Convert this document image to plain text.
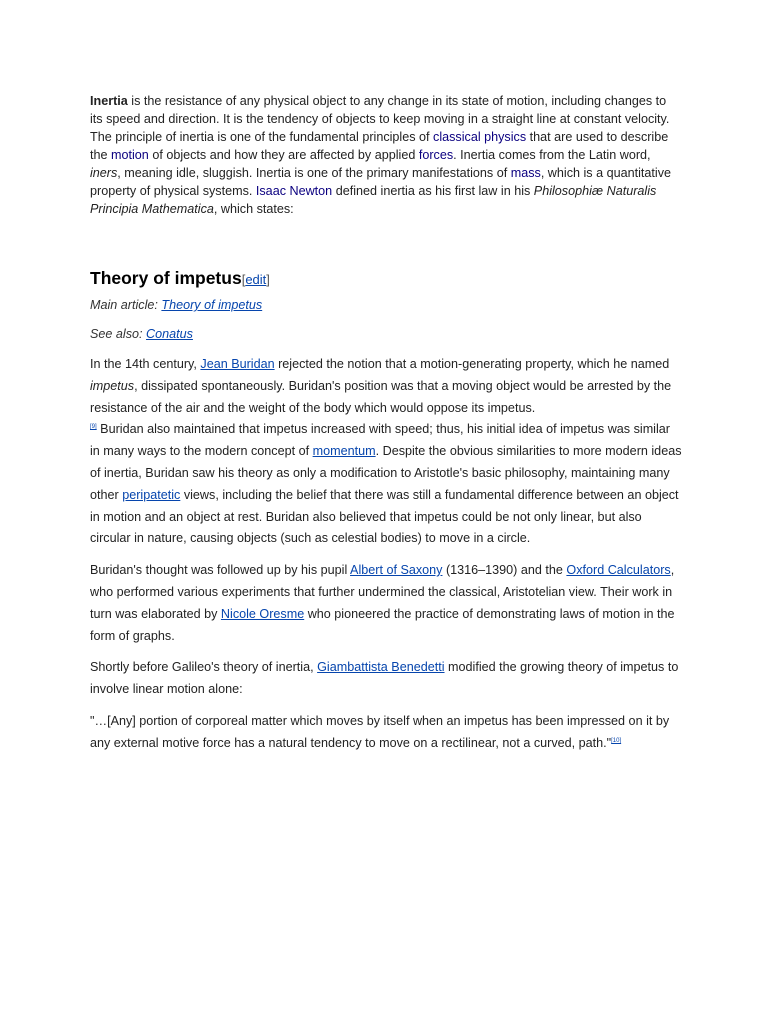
Inertia is the resistance of any physical object to any change in its state of motion, including changes to its speed and direction. It is the tendency of objects to keep moving in a straight line at constant velocity. The principle of inertia is one of the fundamental principles of classical physics that are used to describe the motion of objects and how they are affected by applied forces. Inertia comes from the Latin word, iners, meaning idle, sluggish. Inertia is one of the primary manifestations of mass, which is a quantitative property of physical systems. Isaac Newton defined inertia as his first law in his Philosophiæ Naturalis Principia Mathematica, which states:

Theory of impetus[edit]

Main article: Theory of impetus

See also: Conatus

In the 14th century, Jean Buridan rejected the notion that a motion-generating property, which he named impetus, dissipated spontaneously. Buridan's position was that a moving object would be arrested by the resistance of the air and the weight of the body which would oppose its impetus.
[9] Buridan also maintained that impetus increased with speed; thus, his initial idea of impetus was similar in many ways to the modern concept of momentum. Despite the obvious similarities to more modern ideas of inertia, Buridan saw his theory as only a modification to Aristotle's basic philosophy, maintaining many other peripatetic views, including the belief that there was still a fundamental difference between an object in motion and an object at rest. Buridan also believed that impetus could be not only linear, but also circular in nature, causing objects (such as celestial bodies) to move in a circle.

Buridan's thought was followed up by his pupil Albert of Saxony (1316–1390) and the Oxford Calculators, who performed various experiments that further undermined the classical, Aristotelian view. Their work in turn was elaborated by Nicole Oresme who pioneered the practice of demonstrating laws of motion in the form of graphs.

Shortly before Galileo's theory of inertia, Giambattista Benedetti modified the growing theory of impetus to involve linear motion alone:

"…[Any] portion of corporeal matter which moves by itself when an impetus has been impressed on it by any external motive force has a natural tendency to move on a rectilinear, not a curved, path."[10]
